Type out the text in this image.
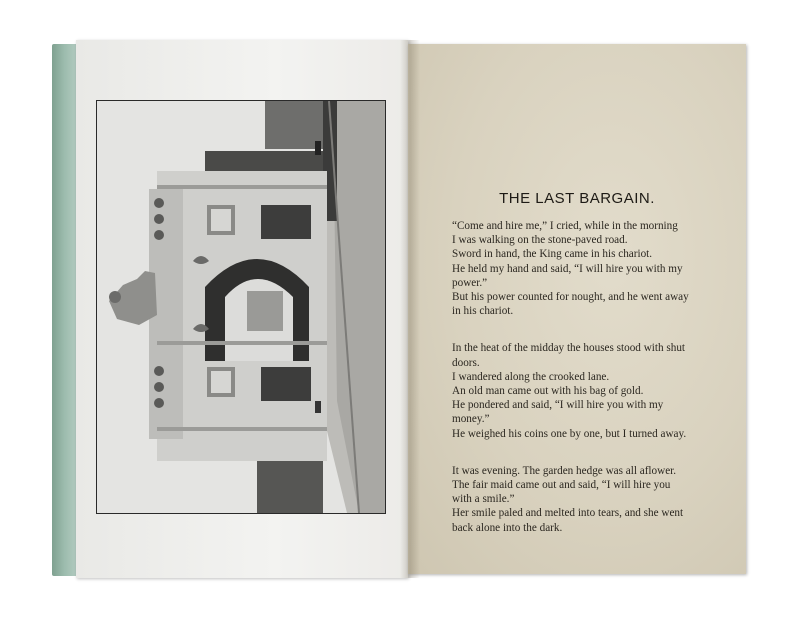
THE LAST BARGAIN.
“Come and hire me,” I cried, while in the morning
I was walking on the stone-paved road.
Sword in hand, the King came in his chariot.
He held my hand and said, “I will hire you with my
power.”
But his power counted for nought, and he went away
in his chariot.
In the heat of the midday the houses stood with shut
doors.
I wandered along the crooked lane.
An old man came out with his bag of gold.
He pondered and said, “I will hire you with my
money.”
He weighed his coins one by one, but I turned away.
It was evening. The garden hedge was all aflower.
The fair maid came out and said, “I will hire you
with a smile.”
Her smile paled and melted into tears, and she went
back alone into the dark.
